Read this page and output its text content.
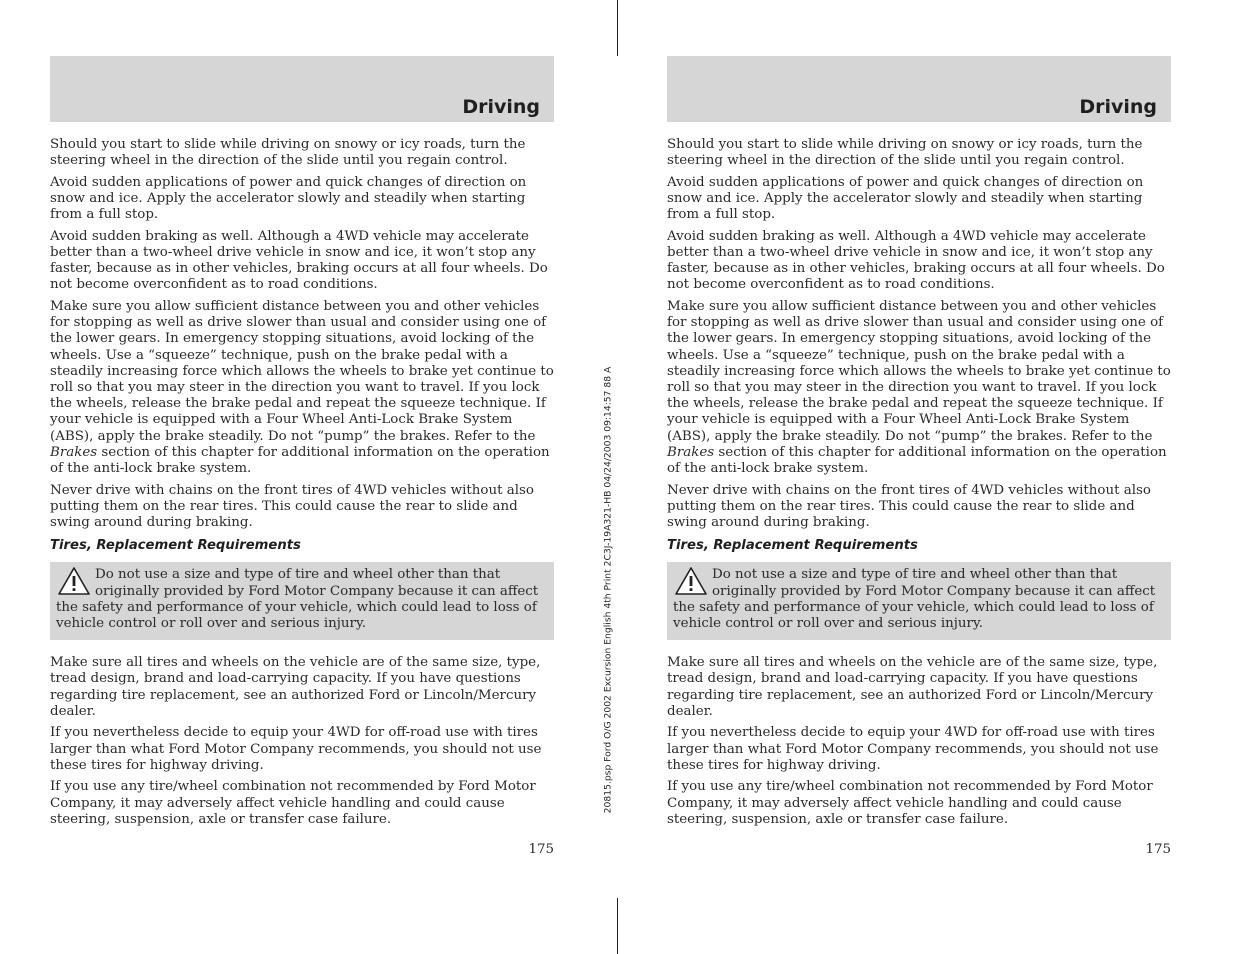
20815.psp Ford O/G 2002 Excursion English 4th Print 2C3J-19A321-HB 04/24/2003 09:14:57 88 A
Driving

Should you start to slide while driving on snowy or icy roads, turn the steering wheel in the direction of the slide until you regain control.

Avoid sudden applications of power and quick changes of direction on snow and ice. Apply the accelerator slowly and steadily when starting from a full stop.

Avoid sudden braking as well. Although a 4WD vehicle may accelerate better than a two-wheel drive vehicle in snow and ice, it won’t stop any faster, because as in other vehicles, braking occurs at all four wheels. Do not become overconfident as to road conditions.

Make sure you allow sufficient distance between you and other vehicles for stopping as well as drive slower than usual and consider using one of the lower gears. In emergency stopping situations, avoid locking of the wheels. Use a “squeeze” technique, push on the brake pedal with a steadily increasing force which allows the wheels to brake yet continue to roll so that you may steer in the direction you want to travel. If you lock the wheels, release the brake pedal and repeat the squeeze technique. If your vehicle is equipped with a Four Wheel Anti-Lock Brake System (ABS), apply the brake steadily. Do not “pump” the brakes. Refer to the Brakes section of this chapter for additional information on the operation of the anti-lock brake system.

Never drive with chains on the front tires of 4WD vehicles without also putting them on the rear tires. This could cause the rear to slide and swing around during braking.

Tires, Replacement Requirements
Do not use a size and type of tire and wheel other than that originally provided by Ford Motor Company because it can affect the safety and performance of your vehicle, which could lead to loss of vehicle control or roll over and serious injury.

Make sure all tires and wheels on the vehicle are of the same size, type, tread design, brand and load-carrying capacity. If you have questions regarding tire replacement, see an authorized Ford or Lincoln/Mercury dealer.

If you nevertheless decide to equip your 4WD for off-road use with tires larger than what Ford Motor Company recommends, you should not use these tires for highway driving.

If you use any tire/wheel combination not recommended by Ford Motor Company, it may adversely affect vehicle handling and could cause steering, suspension, axle or transfer case failure.

175
Driving

Should you start to slide while driving on snowy or icy roads, turn the steering wheel in the direction of the slide until you regain control.

Avoid sudden applications of power and quick changes of direction on snow and ice. Apply the accelerator slowly and steadily when starting from a full stop.

Avoid sudden braking as well. Although a 4WD vehicle may accelerate better than a two-wheel drive vehicle in snow and ice, it won’t stop any faster, because as in other vehicles, braking occurs at all four wheels. Do not become overconfident as to road conditions.

Make sure you allow sufficient distance between you and other vehicles for stopping as well as drive slower than usual and consider using one of the lower gears. In emergency stopping situations, avoid locking of the wheels. Use a “squeeze” technique, push on the brake pedal with a steadily increasing force which allows the wheels to brake yet continue to roll so that you may steer in the direction you want to travel. If you lock the wheels, release the brake pedal and repeat the squeeze technique. If your vehicle is equipped with a Four Wheel Anti-Lock Brake System (ABS), apply the brake steadily. Do not “pump” the brakes. Refer to the Brakes section of this chapter for additional information on the operation of the anti-lock brake system.

Never drive with chains on the front tires of 4WD vehicles without also putting them on the rear tires. This could cause the rear to slide and swing around during braking.

Tires, Replacement Requirements
Do not use a size and type of tire and wheel other than that originally provided by Ford Motor Company because it can affect the safety and performance of your vehicle, which could lead to loss of vehicle control or roll over and serious injury.

Make sure all tires and wheels on the vehicle are of the same size, type, tread design, brand and load-carrying capacity. If you have questions regarding tire replacement, see an authorized Ford or Lincoln/Mercury dealer.

If you nevertheless decide to equip your 4WD for off-road use with tires larger than what Ford Motor Company recommends, you should not use these tires for highway driving.

If you use any tire/wheel combination not recommended by Ford Motor Company, it may adversely affect vehicle handling and could cause steering, suspension, axle or transfer case failure.

175
